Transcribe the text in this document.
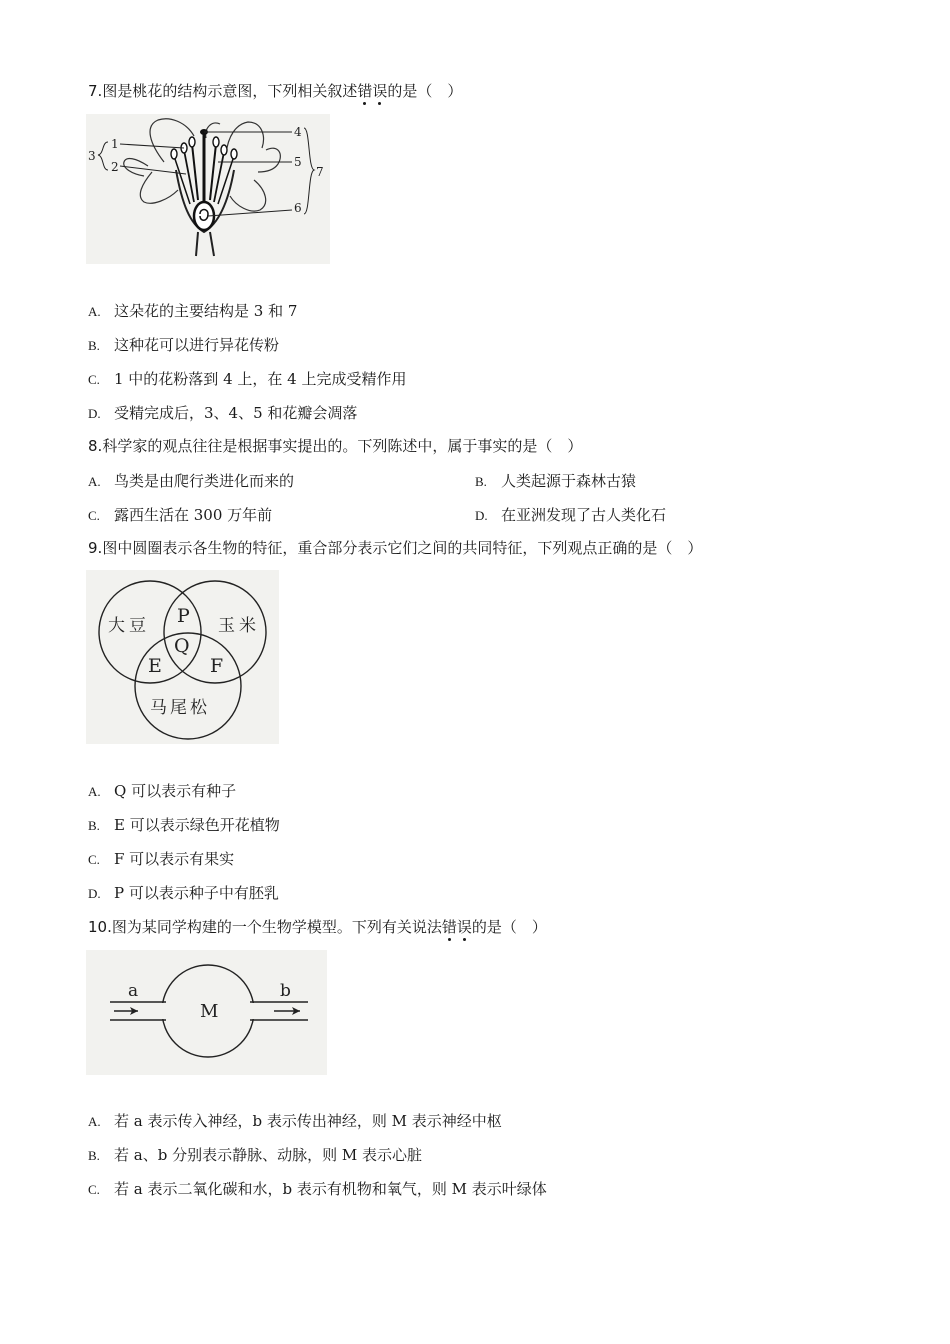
7.图是桃花的结构示意图，下列相关叙述错误的是（　）
1
2
3
4
5
6
7
A. 这朵花的主要结构是 3 和 7
B. 这种花可以进行异花传粉
C. 1 中的花粉落到 4 上，在 4 上完成受精作用
D. 受精完成后，3、4、5 和花瓣会凋落
8.科学家的观点往往是根据事实提出的。下列陈述中，属于事实的是（　）
A. 鸟类是由爬行类进化而来的	B. 人类起源于森林古猿
C. 露西生活在 300 万年前	D. 在亚洲发现了古人类化石
9.图中圆圈表示各生物的特征，重合部分表示它们之间的共同特征，下列观点正确的是（　）
大豆	玉米
马尾松
P
Q
E	F
A. Q 可以表示有种子
B. E 可以表示绿色开花植物
C. F 可以表示有果实
D. P 可以表示种子中有胚乳
10.图为某同学构建的一个生物学模型。下列有关说法错误的是（　）
a	b
M
A. 若 a 表示传入神经，b 表示传出神经，则 M 表示神经中枢
B. 若 a、b 分别表示静脉、动脉，则 M 表示心脏
C. 若 a 表示二氧化碳和水，b 表示有机物和氧气，则 M 表示叶绿体
